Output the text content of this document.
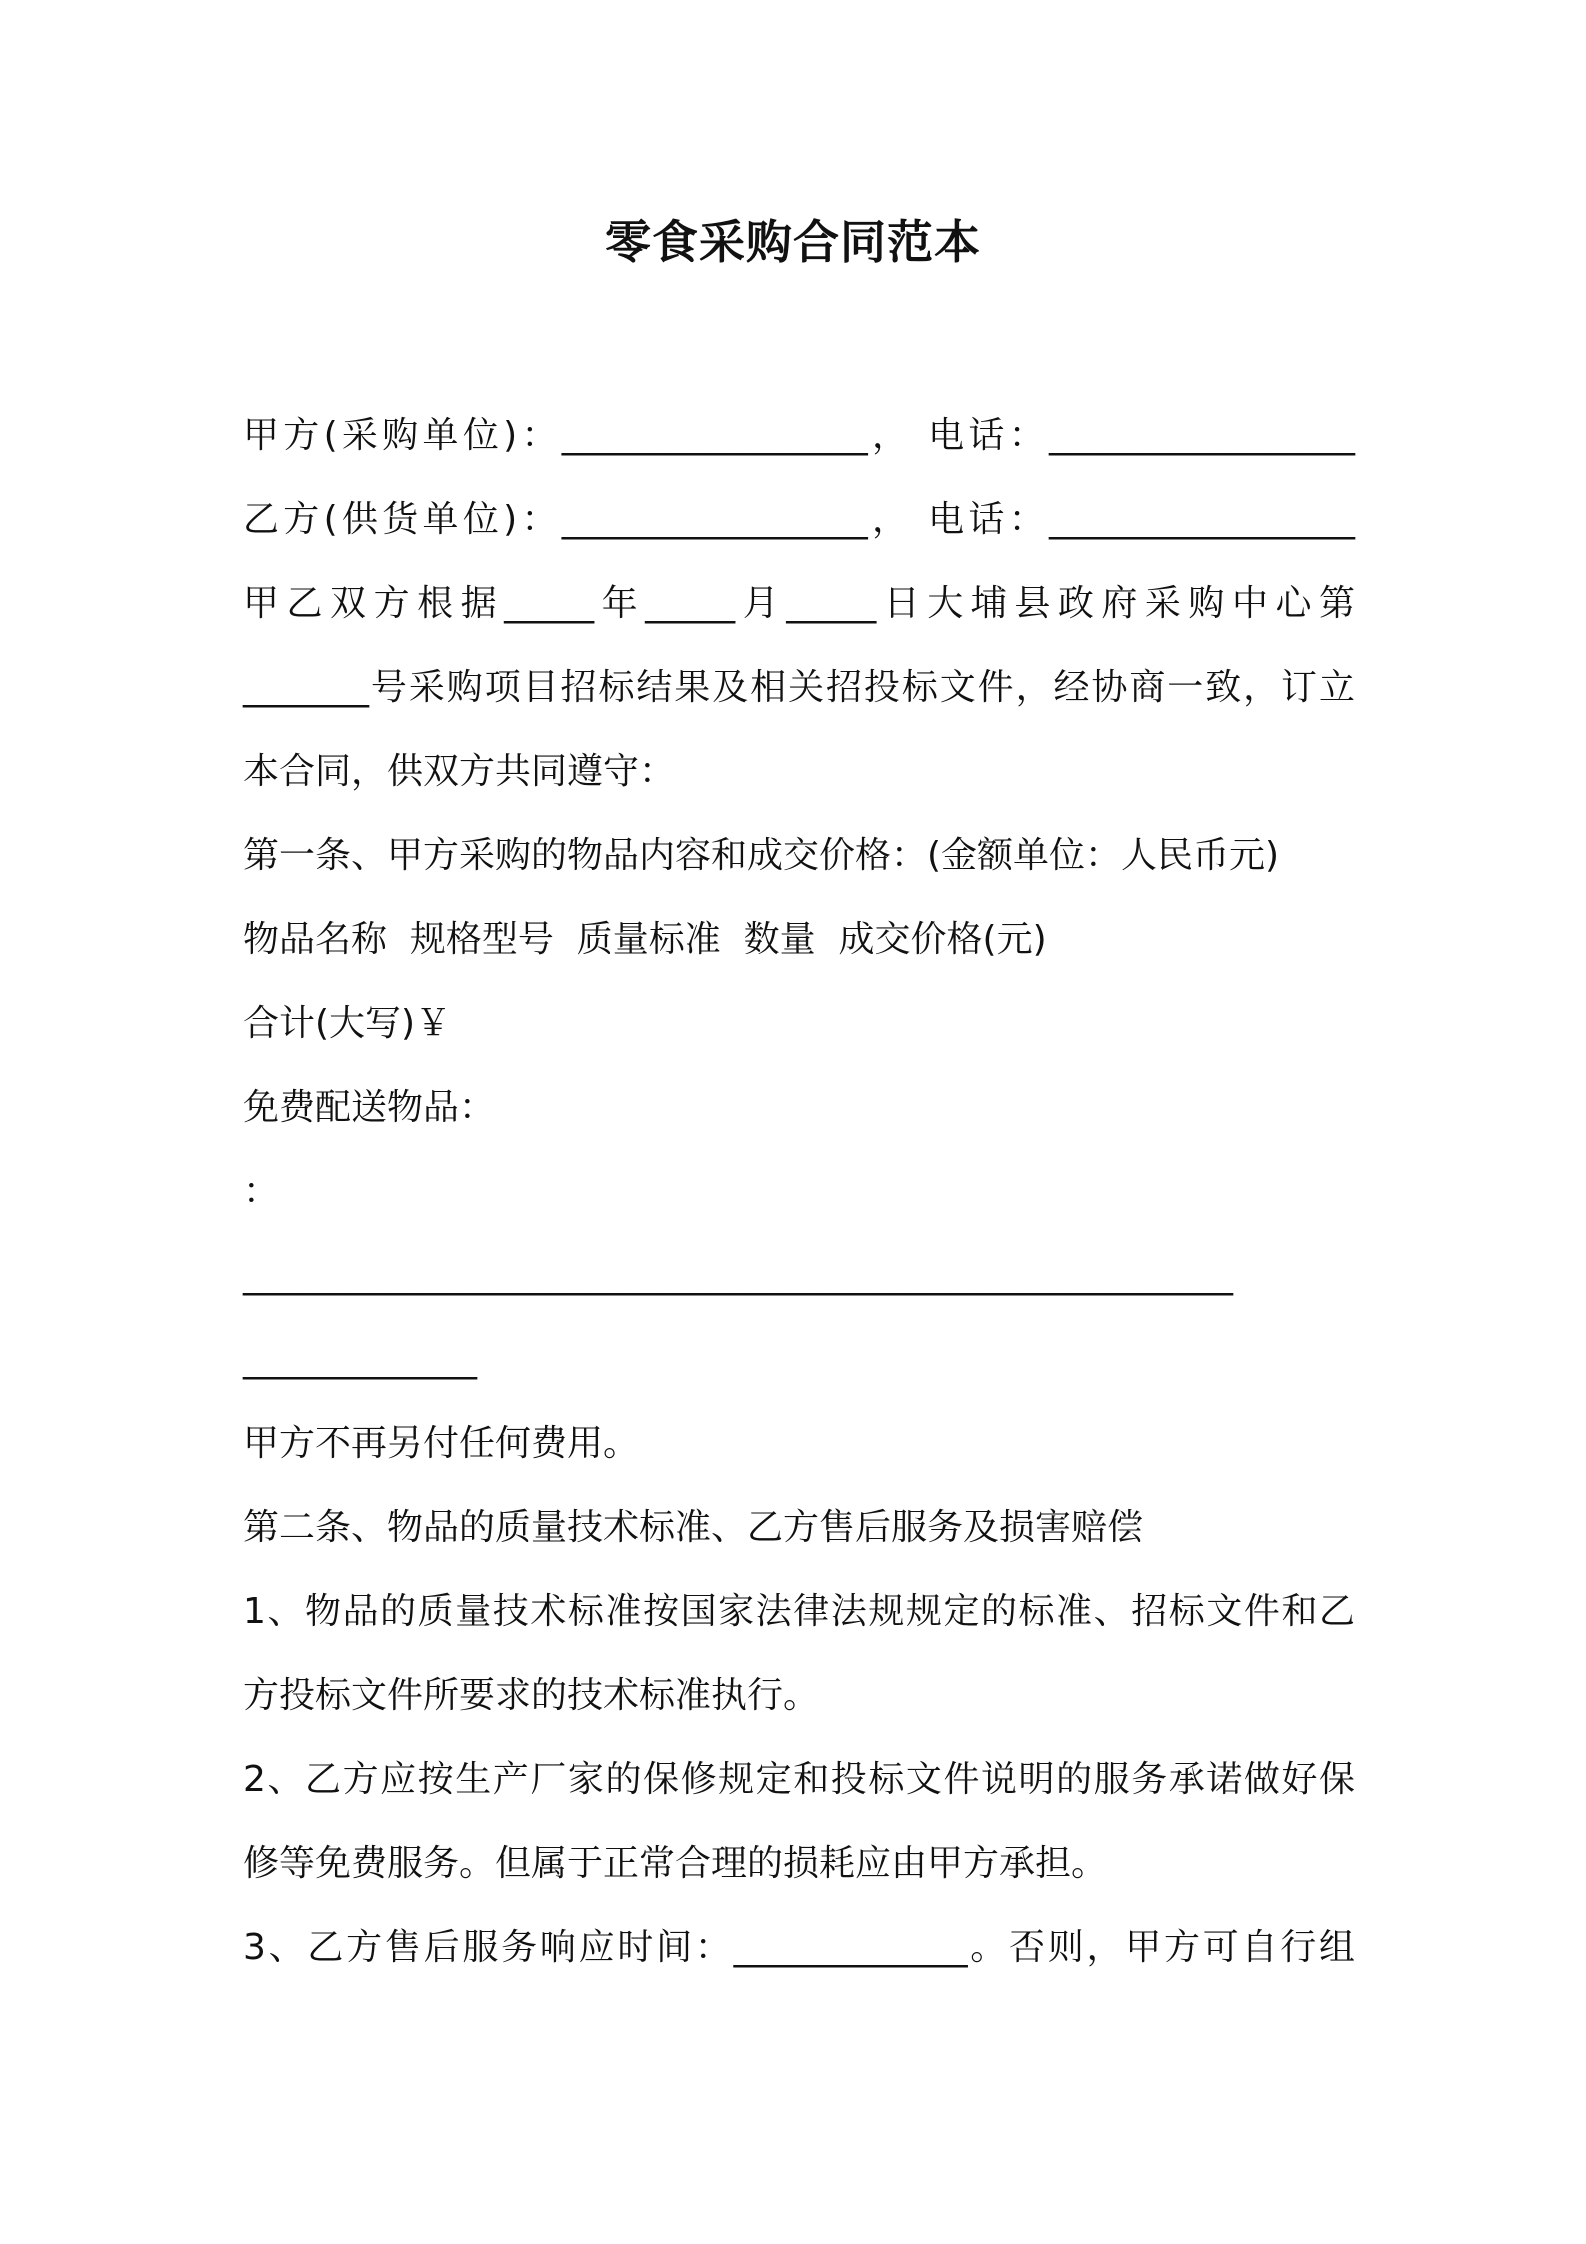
零食采购合同范本
甲方(采购单位)：_________________， 电话：_________________
乙方(供货单位)：_________________， 电话：_________________
甲乙双方根据_____年_____月_____日大埔县政府采购中心第
_______号采购项目招标结果及相关招投标文件，经协商一致，订立
本合同，供双方共同遵守：
第一条、甲方采购的物品内容和成交价格：(金额单位：人民币元)
物品名称  规格型号  质量标准  数量  成交价格(元)
合计(大写)￥
免费配送物品：
：
_______________________________________________________
_____________
甲方不再另付任何费用。
第二条、物品的质量技术标准、乙方售后服务及损害赔偿
1、物品的质量技术标准按国家法律法规规定的标准、招标文件和乙
方投标文件所要求的技术标准执行。
2、乙方应按生产厂家的保修规定和投标文件说明的服务承诺做好保
修等免费服务。但属于正常合理的损耗应由甲方承担。
3、乙方售后服务响应时间：_____________。否则，甲方可自行组
